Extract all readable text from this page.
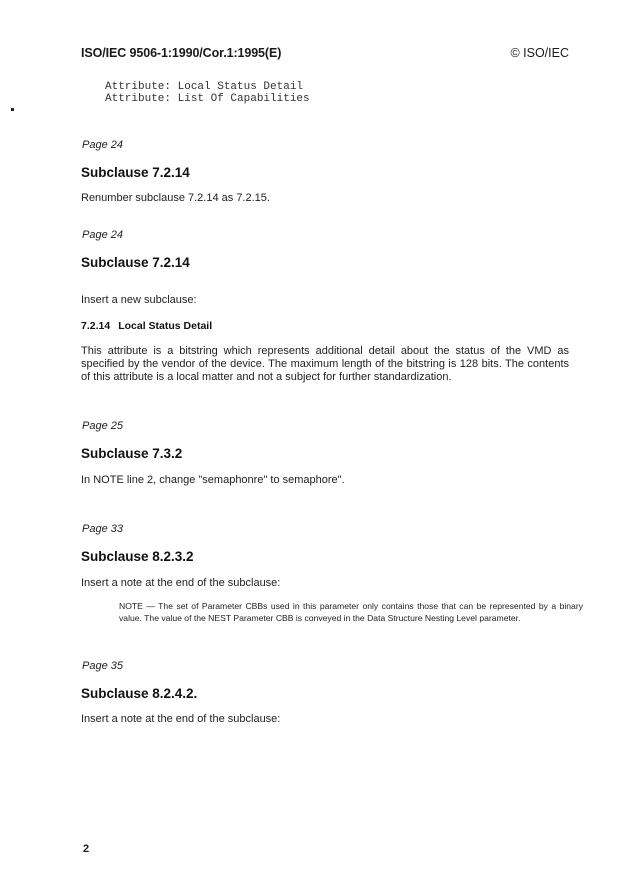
ISO/IEC 9506-1:1990/Cor.1:1995(E)	© ISO/IEC
Attribute: Local Status Detail
Attribute: List Of Capabilities
Page 24
Subclause 7.2.14
Renumber subclause 7.2.14 as 7.2.15.
Page 24
Subclause 7.2.14
Insert a new subclause:
7.2.14 Local Status Detail
This attribute is a bitstring which represents additional detail about the status of the VMD as specified by the vendor of the device. The maximum length of the bitstring is 128 bits. The contents of this attribute is a local matter and not a subject for further standardization.
Page 25
Subclause 7.3.2
In NOTE line 2, change "semaphonre" to semaphore".
Page 33
Subclause 8.2.3.2
Insert a note at the end of the subclause:
NOTE — The set of Parameter CBBs used in this parameter only contains those that can be represented by a binary value. The value of the NEST Parameter CBB is conveyed in the Data Structure Nesting Level parameter.
Page 35
Subclause 8.2.4.2.
Insert a note at the end of the subclause:
2
